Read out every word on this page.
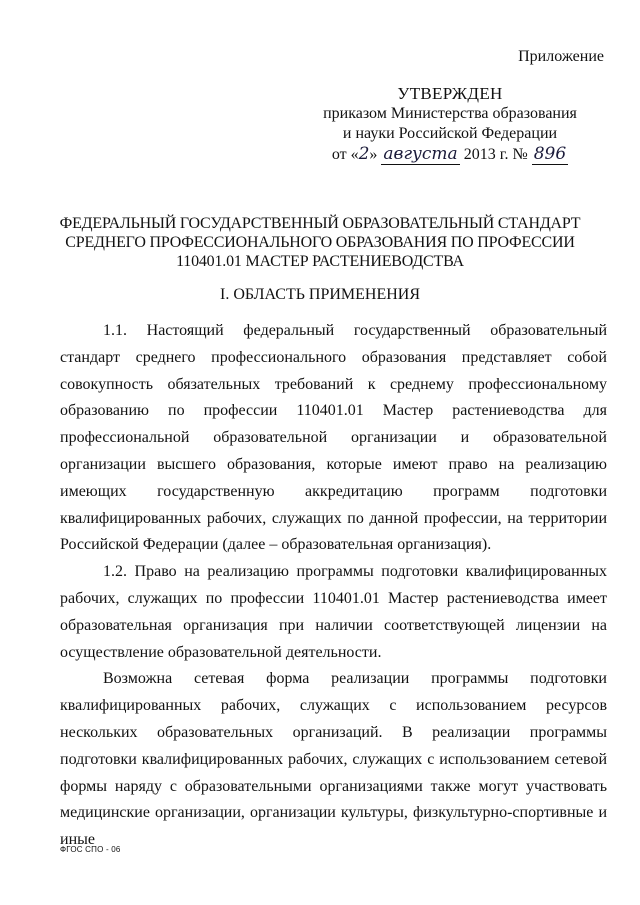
Приложение
УТВЕРЖДЕН
приказом Министерства образования
и науки Российской Федерации
от «2» августа 2013 г. № 896
ФЕДЕРАЛЬНЫЙ ГОСУДАРСТВЕННЫЙ ОБРАЗОВАТЕЛЬНЫЙ СТАНДАРТ
СРЕДНЕГО ПРОФЕССИОНАЛЬНОГО ОБРАЗОВАНИЯ ПО ПРОФЕССИИ
110401.01 МАСТЕР РАСТЕНИЕВОДСТВА
I. ОБЛАСТЬ ПРИМЕНЕНИЯ

1.1. Настоящий федеральный государственный образовательный стандарт среднего профессионального образования представляет собой совокупность обязательных требований к среднему профессиональному образованию по профессии 110401.01 Мастер растениеводства для профессиональной образовательной организации и образовательной организации высшего образования, которые имеют право на реализацию имеющих государственную аккредитацию программ подготовки квалифицированных рабочих, служащих по данной профессии, на территории Российской Федерации (далее – образовательная организация).

1.2. Право на реализацию программы подготовки квалифицированных рабочих, служащих по профессии 110401.01 Мастер растениеводства имеет образовательная организация при наличии соответствующей лицензии на осуществление образовательной деятельности.

Возможна сетевая форма реализации программы подготовки квалифицированных рабочих, служащих с использованием ресурсов нескольких образовательных организаций. В реализации программы подготовки квалифицированных рабочих, служащих с использованием сетевой формы наряду с образовательными организациями также могут участвовать медицинские организации, организации культуры, физкультурно-спортивные и иные

ФГОС СПО - 06
